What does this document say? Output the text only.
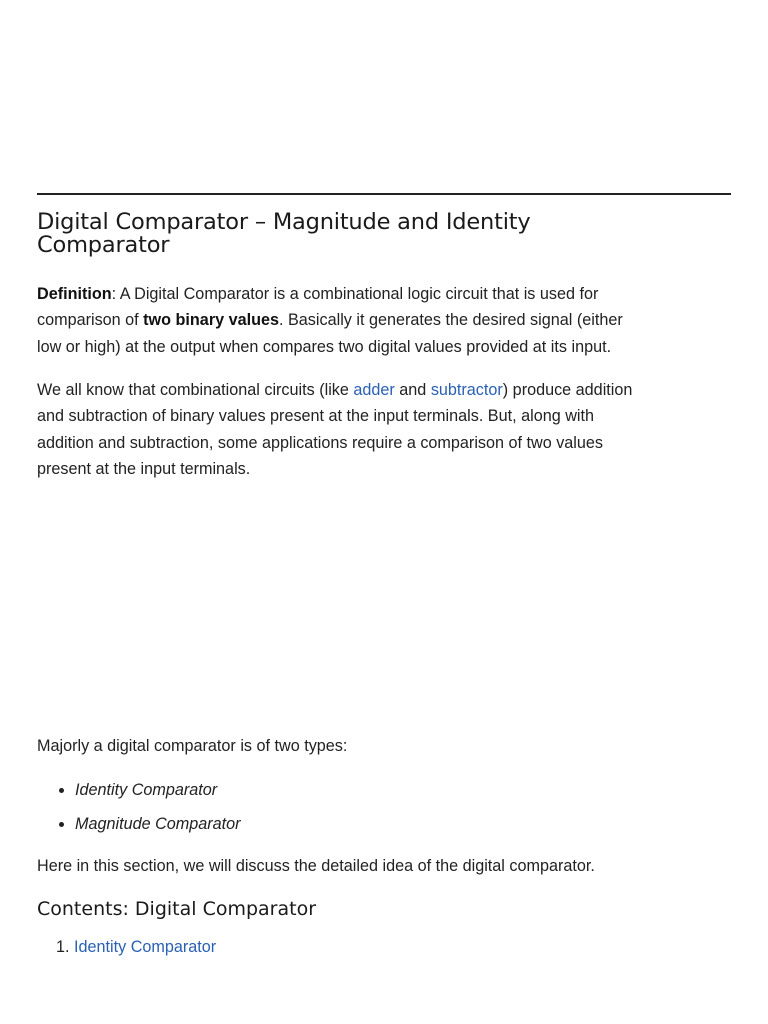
Digital Comparator – Magnitude and Identity Comparator

Definition: A Digital Comparator is a combinational logic circuit that is used for comparison of two binary values. Basically it generates the desired signal (either low or high) at the output when compares two digital values provided at its input.

We all know that combinational circuits (like adder and subtractor) produce addition and subtraction of binary values present at the input terminals. But, along with addition and subtraction, some applications require a comparison of two values present at the input terminals.

Majorly a digital comparator is of two types:

• Identity Comparator
• Magnitude Comparator

Here in this section, we will discuss the detailed idea of the digital comparator.

Contents: Digital Comparator
1. Identity Comparator
